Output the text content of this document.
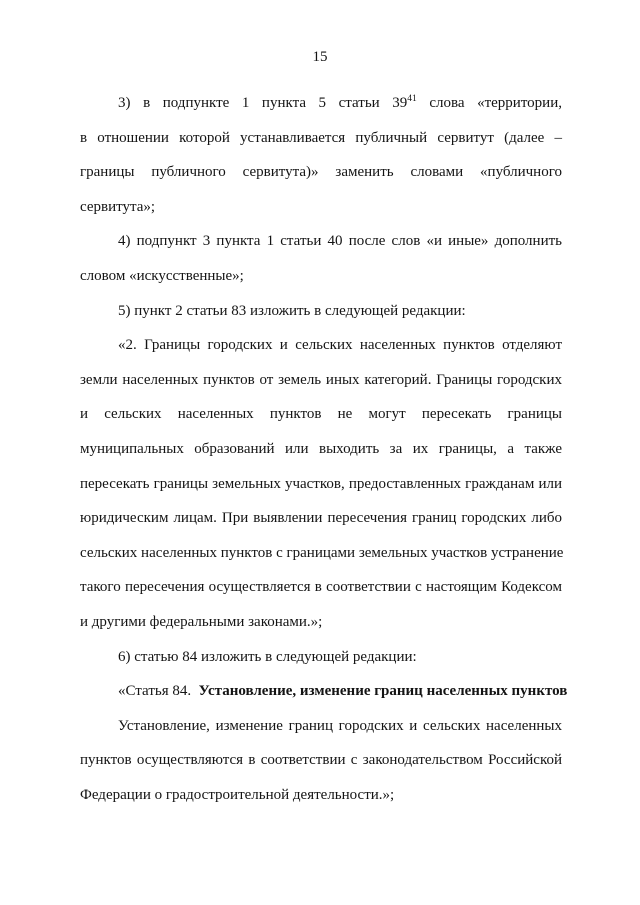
15
3) в подпункте 1 пункта 5 статьи $39^{41}$ слова «территории,
в отношении которой устанавливается публичный сервитут (далее –
границы публичного сервитута)» заменить словами «публичного
сервитута»;
4) подпункт 3 пункта 1 статьи 40 после слов «и иные» дополнить
словом «искусственные»;
5) пункт 2 статьи 83 изложить в следующей редакции:
«2. Границы городских и сельских населенных пунктов отделяют
земли населенных пунктов от земель иных категорий. Границы городских
и сельских населенных пунктов не могут пересекать границы
муниципальных образований или выходить за их границы, а также
пересекать границы земельных участков, предоставленных гражданам или
юридическим лицам. При выявлении пересечения границ городских либо
сельских населенных пунктов с границами земельных участков устранение
такого пересечения осуществляется в соответствии с настоящим Кодексом
и другими федеральными законами.»;
6) статью 84 изложить в следующей редакции:
«Статья 84.  Установление, изменение границ населенных пунктов
Установление, изменение границ городских и сельских населенных
пунктов осуществляются в соответствии с законодательством Российской
Федерации о градостроительной деятельности.»;
